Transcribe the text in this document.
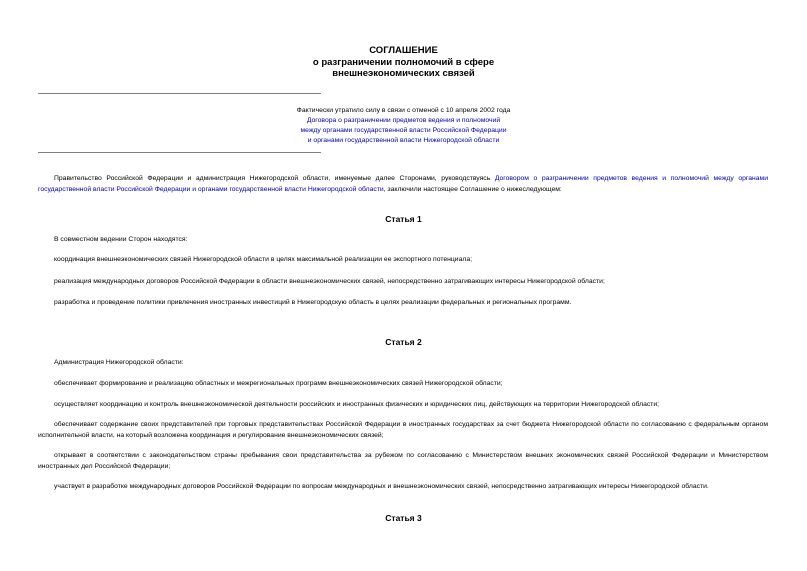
СОГЛАШЕНИЕ
о разграничении полномочий в сфере
внешнеэкономических связей
Фактически утратило силу в связи с отменой с 10 апреля 2002 года
Договора о разграничении предметов ведения и полномочий
между органами государственной власти Российской Федерации
и органами государственной власти Нижегородской области
Правительство Российской Федерации и администрация Нижегородской области, именуемые далее Сторонами, руководствуясь Договором о разграничении предметов ведения и полномочий между органами государственной власти Российской Федерации и органами государственной власти Нижегородской области, заключили настоящее Соглашение о нижеследующем:
Статья 1
В совместном ведении Сторон находятся:
координация внешнеэкономических связей Нижегородской области в целях максимальной реализации ее экспортного потенциала;
реализация международных договоров Российской Федерации в области внешнеэкономических связей, непосредственно затрагивающих интересы Нижегородской области;
разработка и проведение политики привлечения иностранных инвестиций в Нижегородскую область в целях реализации федеральных и региональных программ.
Статья 2
Администрация Нижегородской области:
обеспечивает формирование и реализацию областных и межрегиональных программ внешнеэкономических связей Нижегородской области;
осуществляет координацию и контроль внешнеэкономической деятельности российских и иностранных физических и юридических лиц, действующих на территории Нижегородской области;
обеспечивает содержание своих представителей при торговых представительствах Российской Федерации в иностранных государствах за счет бюджета Нижегородской области по согласованию с федеральным органом исполнительной власти, на который возложена координация и регулирование внешнеэкономических связей;
открывает в соответствии с законодательством страны пребывания свои представительства за рубежом по согласованию с Министерством внешних экономических связей Российской Федерации и Министерством иностранных дел Российской Федерации;
участвует в разработке международных договоров Российской Федерации по вопросам международных и внешнеэкономических связей, непосредственно затрагивающих интересы Нижегородской области.
Статья 3
